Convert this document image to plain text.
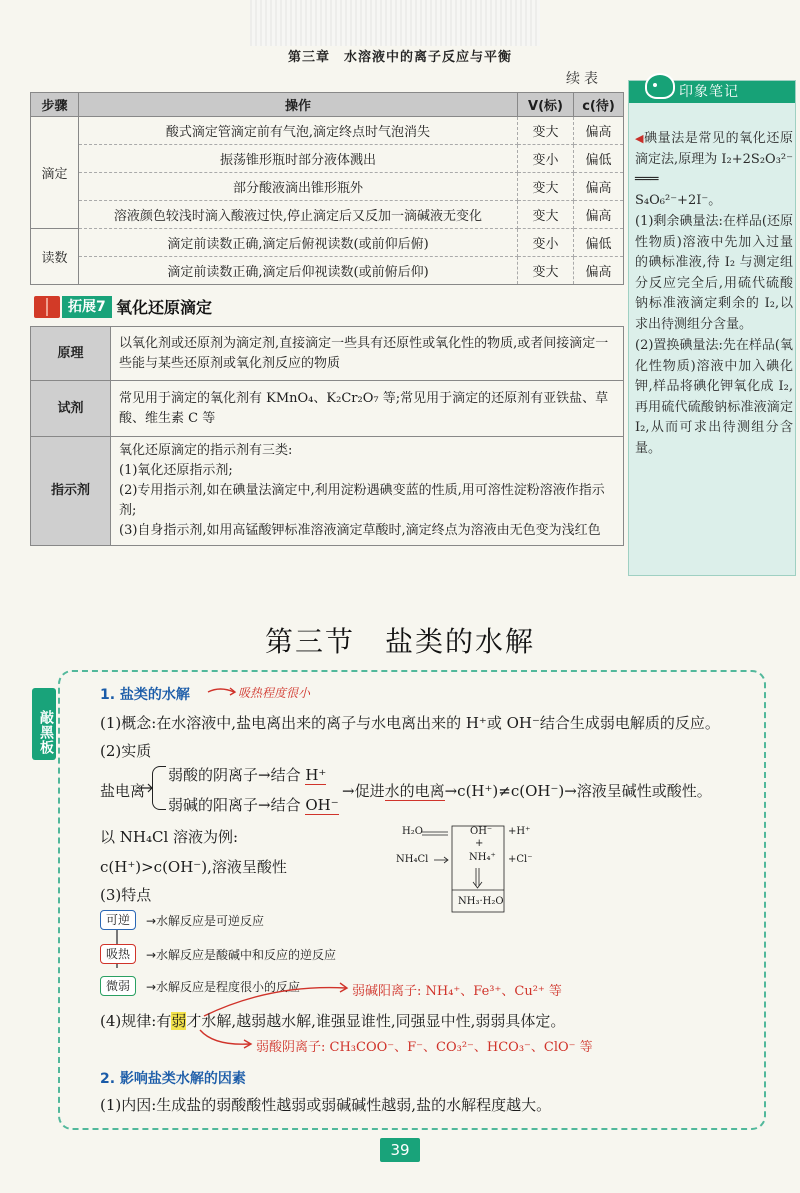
第三章 水溶液中的离子反应与平衡
续表
步骤	操作	V(标)	c(待)
滴定	酸式滴定管滴定前有气泡,滴定终点时气泡消失	变大	偏高
	振荡锥形瓶时部分液体溅出	变小	偏低
	部分酸液滴出锥形瓶外	变大	偏高
	溶液颜色较浅时滴入酸液过快,停止滴定后又反加一滴碱液无变化	变大	偏高
读数	滴定前读数正确,滴定后俯视读数(或前仰后俯)	变小	偏低
	滴定前读数正确,滴定后仰视读数(或前俯后仰)	变大	偏高
拓展7 氧化还原滴定
原理	以氧化剂或还原剂为滴定剂,直接滴定一些具有还原性或氧化性的物质,或者间接滴定一些能与某些还原剂或氧化剂反应的物质
试剂	常见用于滴定的氧化剂有 KMnO₄、K₂Cr₂O₇ 等;常见用于滴定的还原剂有亚铁盐、草酸、维生素 C 等
指示剂	氧化还原滴定的指示剂有三类:
(1)氧化还原指示剂;
(2)专用指示剂,如在碘量法滴定中,利用淀粉遇碘变蓝的性质,用可溶性淀粉溶液作指示剂;
(3)自身指示剂,如用高锰酸钾标准溶液滴定草酸时,滴定终点为溶液由无色变为浅红色
印象笔记

◀碘量法是常见的氧化还原滴定法,原理为 I₂+2S₂O₃²⁻ ═══
S₄O₆²⁻+2I⁻。

(1)剩余碘量法:在样品(还原性物质)溶液中先加入过量的碘标准液,待 I₂ 与测定组分反应完全后,用硫代硫酸钠标准液滴定剩余的 I₂,以求出待测组分含量。

(2)置换碘量法:先在样品(氧化性物质)溶液中加入碘化钾,样品将碘化钾氧化成 I₂,再用硫代硫酸钠标准液滴定 I₂,从而可求出待测组分含量。

第三节　盐类的水解
敲黑板
1. 盐类的水解	吸热程度很小
(1)概念:在水溶液中,盐电离出来的离子与水电离出来的 H⁺或 OH⁻结合生成弱电解质的反应。
(2)实质
盐电离
弱酸的阴离子→结合 H⁺
弱碱的阳离子→结合 OH⁻
→促进水的电离→c(H⁺)≠c(OH⁻)→溶液呈碱性或酸性。
以 NH₄Cl 溶液为例:
c(H⁺)>c(OH⁻),溶液呈酸性
(3)特点
H₂O
NH₄Cl
OH⁻
+
NH₄⁺
+H⁺
+Cl⁻
NH₃·H₂O
可逆	→水解反应是可逆反应
吸热	→水解反应是酸碱中和反应的逆反应
微弱	→水解反应是程度很小的反应	弱碱阳离子: NH₄⁺、Fe³⁺、Cu²⁺ 等
(4)规律:有弱才水解,越弱越水解,谁强显谁性,同强显中性,弱弱具体定。
弱酸阴离子: CH₃COO⁻、F⁻、CO₃²⁻、HCO₃⁻、ClO⁻ 等
2. 影响盐类水解的因素
(1)内因:生成盐的弱酸酸性越弱或弱碱碱性越弱,盐的水解程度越大。
39
